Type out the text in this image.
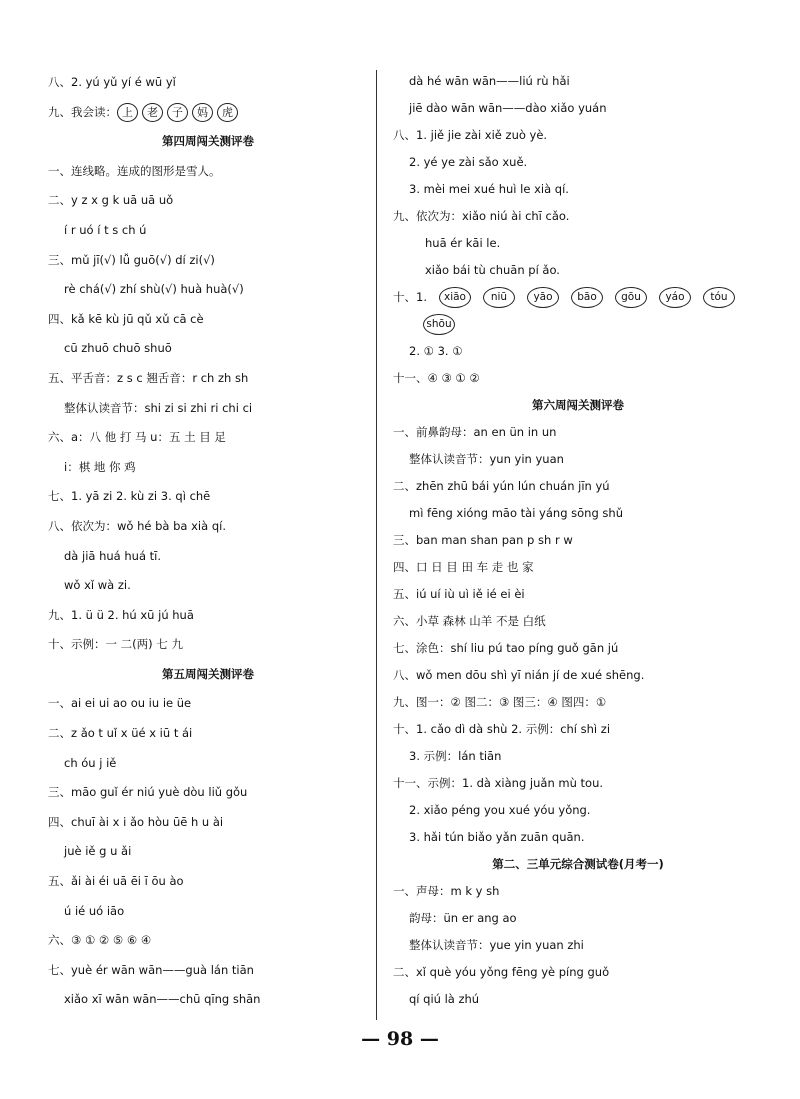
八、2. yú yǔ yí é wū yǐ
九、我会读： 上 老 子 妈 虎
第四周闯关测评卷
一、连线略。连成的图形是雪人。
二、y z x g k uā uā uǒ
í r uó í t s ch ú
三、mǔ jī(√) lǚ guō(√) dí zi(√)
rè chá(√) zhí shù(√) huà huà(√)
四、kǎ kē kù jū qǔ xǔ cā cè
cū zhuō chuō shuō
五、平舌音：z s c 翘舌音：r ch zh sh
整体认读音节：shi zi si zhi ri chi ci
六、a：八 他 打 马 u：五 土 目 足
i：棋 地 你 鸡
七、1. yā zi 2. kù zi 3. qì chē
八、依次为：wǒ hé bà ba xià qí.
dà jiā huá huá tī.
wǒ xǐ wà zi.
九、1. ü ü 2. hú xū jú huā
十、示例：一 二(两) 七 九
第五周闯关测评卷
一、ai ei ui ao ou iu ie üe
二、z ǎo t uǐ x üé x iū t ái
ch óu j iě
三、māo guǐ ér niú yuè dòu liǔ gǒu
四、chuī ài x i ǎo hòu ūē h u ài
juè iě g u ǎi
五、ǎi ài éi uā ēi ī ōu ào
ú ié uó iāo
六、③ ① ② ⑤ ⑥ ④
七、yuè ér wān wān——guà lán tiān
xiǎo xī wān wān——chū qīng shān
dà hé wān wān——liú rù hǎi
jiē dào wān wān——dào xiǎo yuán
八、1. jiě jie zài xiě zuò yè.
2. yé ye zài sǎo xuě.
3. mèi mei xué huì le xià qí.
九、依次为：xiǎo niú ài chī cǎo.
huā ér kāi le.
xiǎo bái tù chuān pí ǎo.
十、1. xiāo niū	yāo bāo gōu yáo tóu
shōu
2. ① 3. ①
十一、④ ③ ① ②
第六周闯关测评卷
一、前鼻韵母：an en ün in un
整体认读音节：yun yin yuan
二、zhēn zhū bái yún lún chuán jīn yú
mì fēng xióng māo tài yáng sōng shǔ
三、ban man shan pan p sh r w
四、口 日 目 田 车 走 也 家
五、iú uí iù uì iě ié ei èi
六、小草 森林 山羊 不是 白纸
七、涂色：shí liu pú tao píng guǒ gān jú
八、wǒ men dōu shì yī nián jí de xué shēng.
九、图一：② 图二：③ 图三：④ 图四：①
十、1. cǎo dì dà shù 2. 示例：chí shì zi
3. 示例：lán tiān
十一、示例：1. dà xiàng juǎn mù tou.
2. xiǎo péng you xué yóu yǒng.
3. hǎi tún biǎo yǎn zuān quān.
第二、三单元综合测试卷(月考一)
一、声母：m k y sh
韵母：ün er ang ao
整体认读音节：yue yin yuan zhi
二、xǐ què yóu yǒng fēng yè píng guǒ
qí qiú là zhú
— 98 —
